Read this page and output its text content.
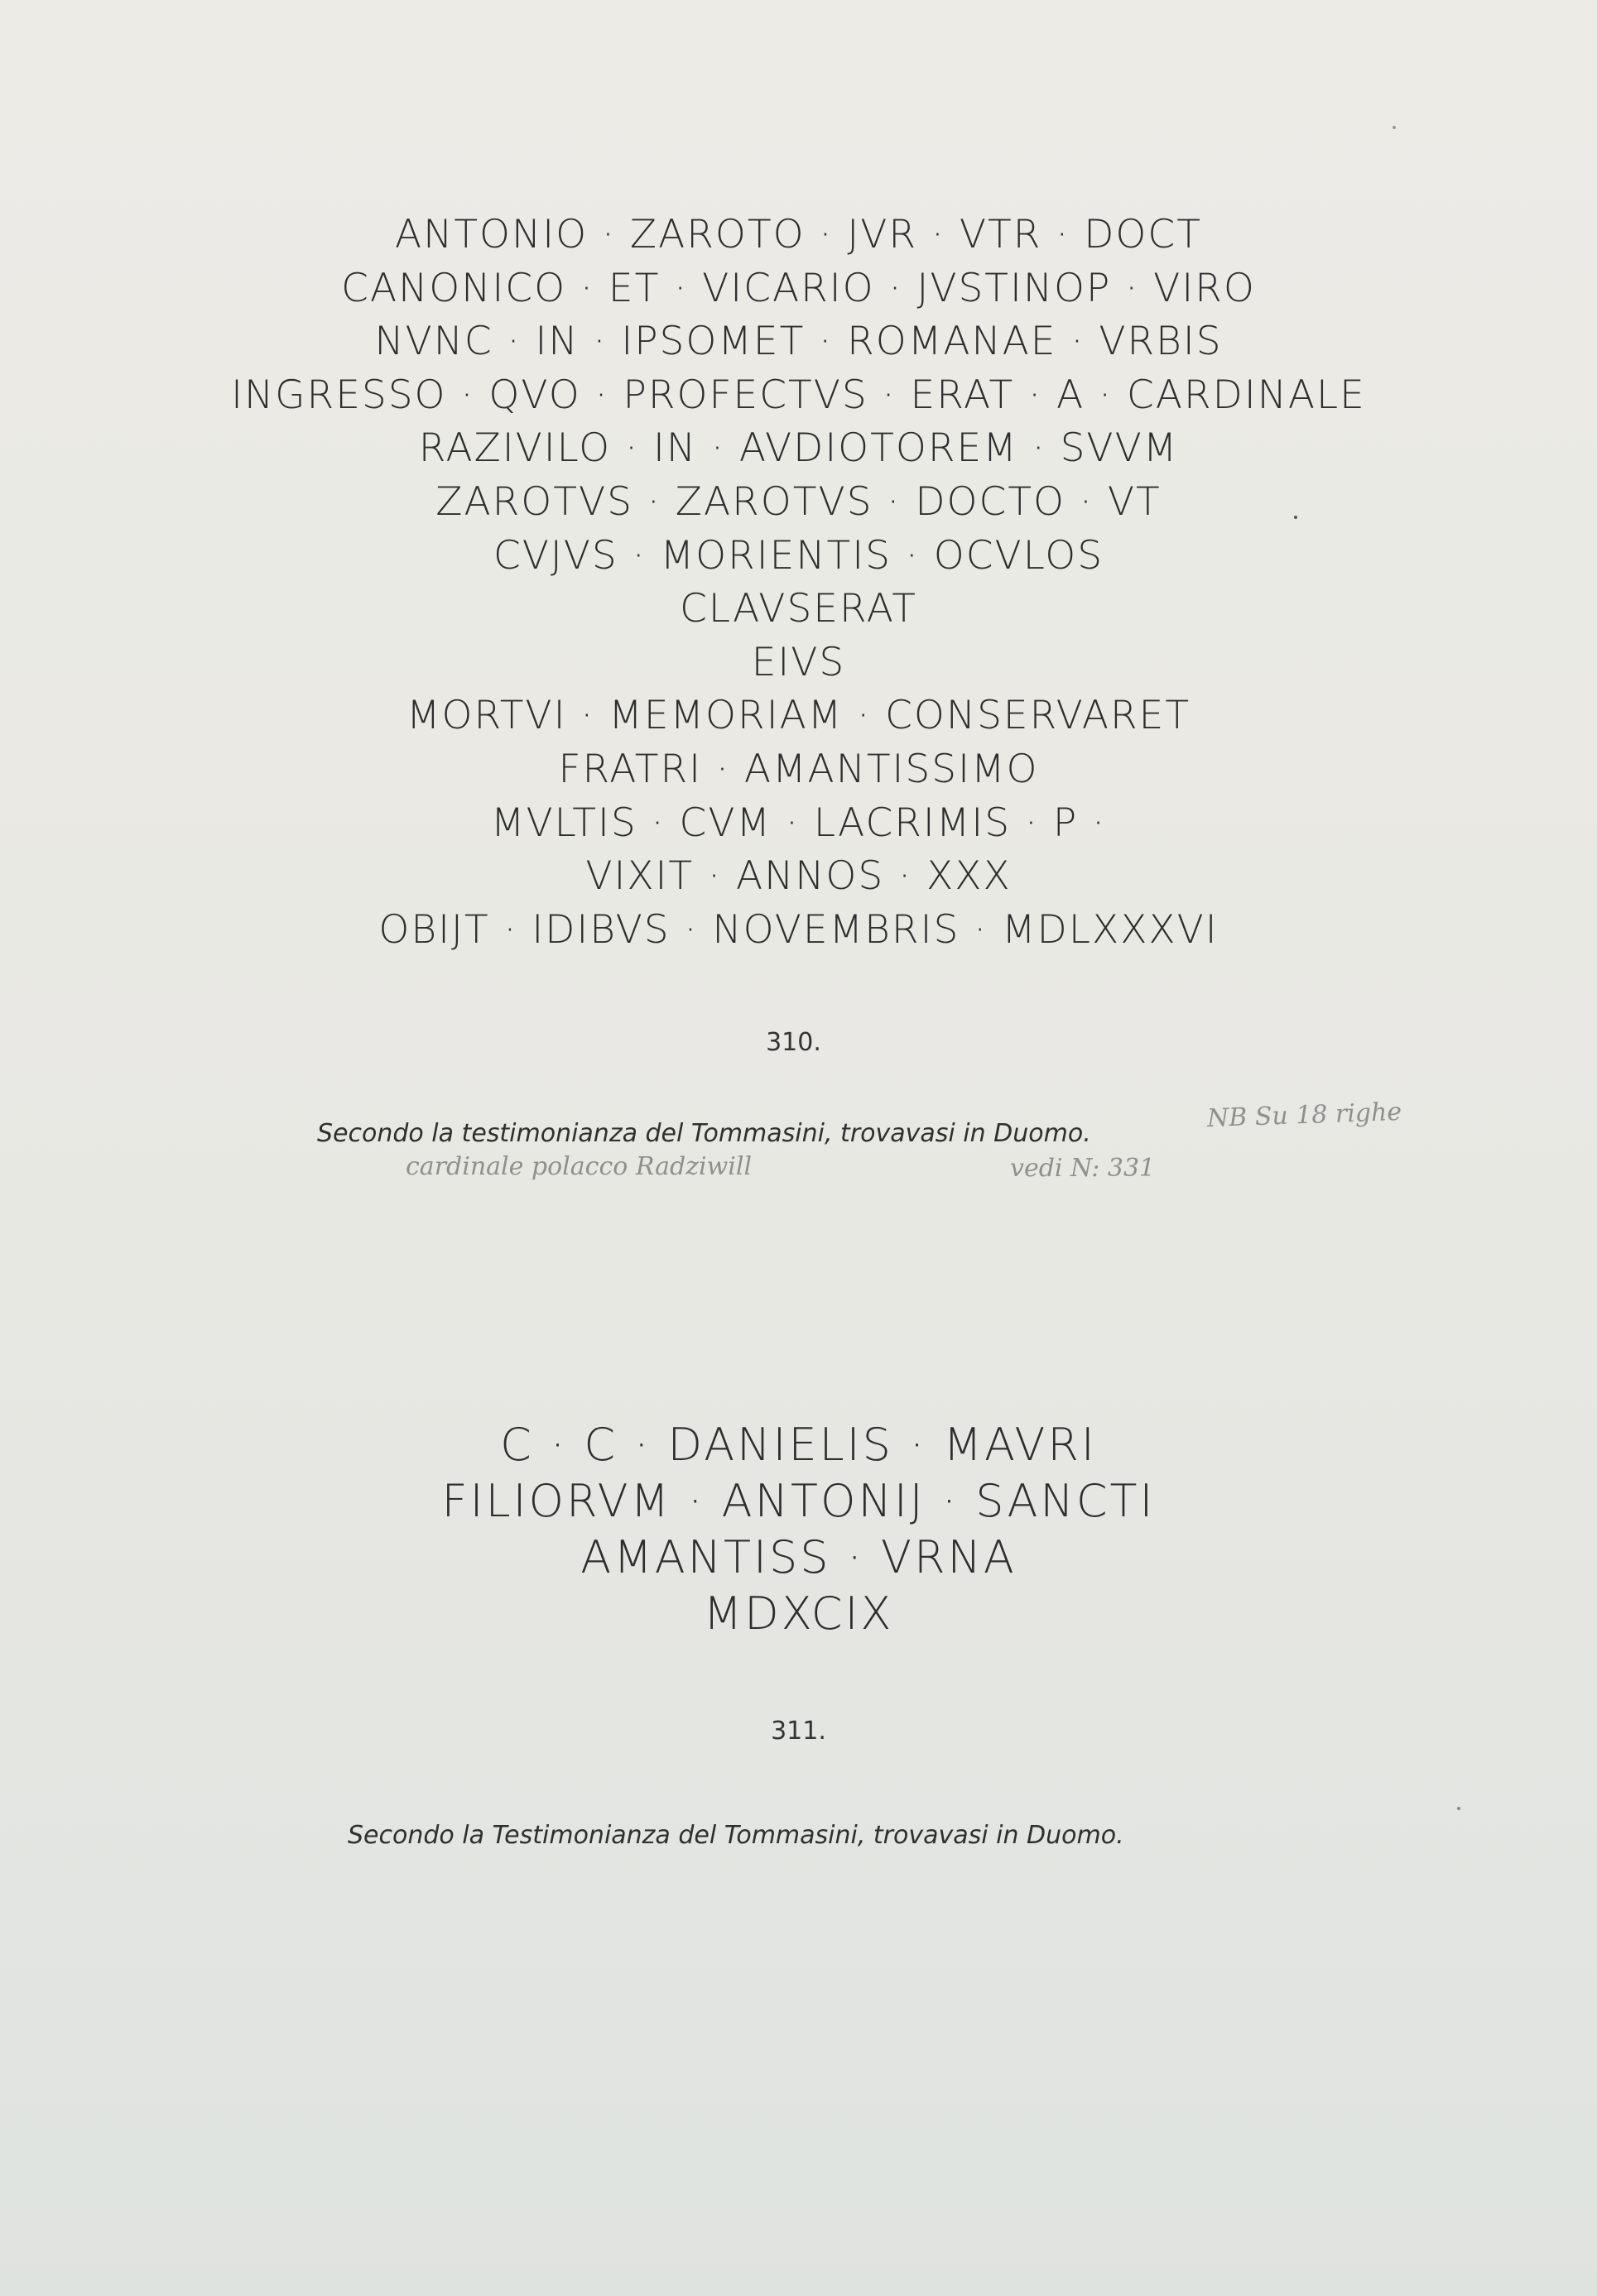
ANTONIO · ZAROTO · JVR · VTR · DOCT
CANONICO · ET · VICARIO · JVSTINOP · VIRO
NVNC · IN · IPSOMET · ROMANAE · VRBIS
INGRESSO · QVO · PROFECTVS · ERAT · A · CARDINALE
RAZIVILO · IN · AVDIOTOREM · SVVM
ZAROTVS · ZAROTVS · DOCTO · VT
CVJVS · MORIENTIS · OCVLOS
CLAVSERAT
EIVS
MORTVI · MEMORIAM · CONSERVARET
FRATRI · AMANTISSIMO
MVLTIS · CVM · LACRIMIS · P ·
VIXIT · ANNOS · XXX
OBIJT · IDIBVS · NOVEMBRIS · MDLXXXVI
310.
Secondo la testimonianza del Tommasini, trovavasi in Duomo.
NB Su 18 righe
cardinale polacco Radziwill	vedi N: 331
C · C · DANIELIS · MAVRI
FILIORVM · ANTONIJ · SANCTI
AMANTISS · VRNA
MDXCIX
311.
Secondo la Testimonianza del Tommasini, trovavasi in Duomo.
